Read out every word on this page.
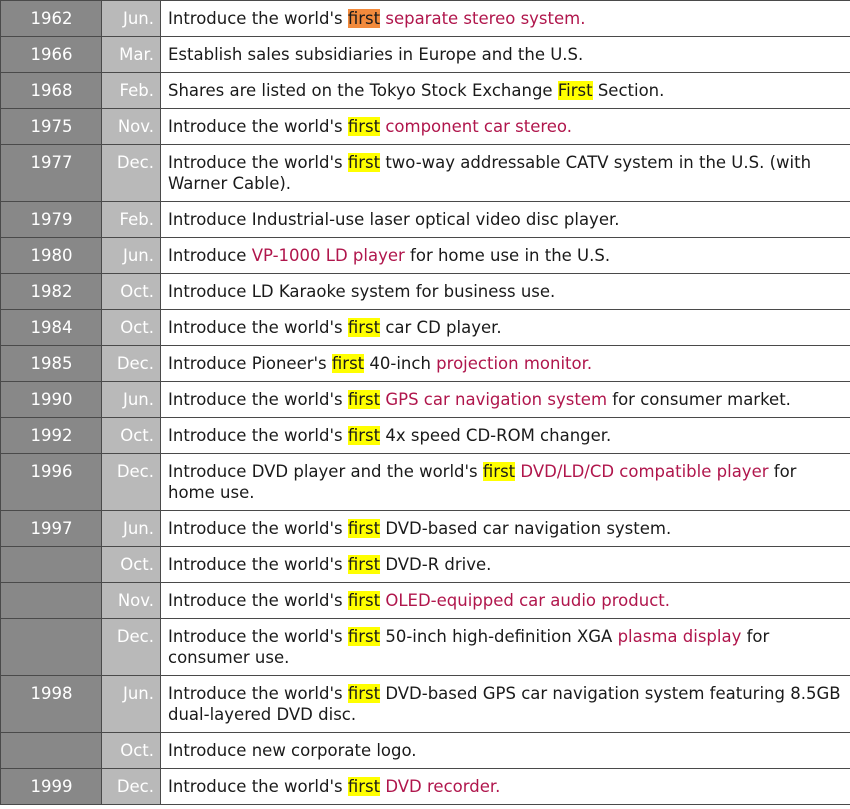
1962	Jun.	Introduce the world's first separate stereo system.
1966	Mar.	Establish sales subsidiaries in Europe and the U.S.
1968	Feb.	Shares are listed on the Tokyo Stock Exchange First Section.
1975	Nov.	Introduce the world's first component car stereo.
1977	Dec.	Introduce the world's first two-way addressable CATV system in the U.S. (with Warner Cable).
1979	Feb.	Introduce Industrial-use laser optical video disc player.
1980	Jun.	Introduce VP-1000 LD player for home use in the U.S.
1982	Oct.	Introduce LD Karaoke system for business use.
1984	Oct.	Introduce the world's first car CD player.
1985	Dec.	Introduce Pioneer's first 40-inch projection monitor.
1990	Jun.	Introduce the world's first GPS car navigation system for consumer market.
1992	Oct.	Introduce the world's first 4x speed CD-ROM changer.
1996	Dec.	Introduce DVD player and the world's first DVD/LD/CD compatible player for home use.
1997	Jun.	Introduce the world's first DVD-based car navigation system.
	Oct.	Introduce the world's first DVD-R drive.
	Nov.	Introduce the world's first OLED-equipped car audio product.
	Dec.	Introduce the world's first 50-inch high-definition XGA plasma display for consumer use.
1998	Jun.	Introduce the world's first DVD-based GPS car navigation system featuring 8.5GB dual-layered DVD disc.
	Oct.	Introduce new corporate logo.
1999	Dec.	Introduce the world's first DVD recorder.
